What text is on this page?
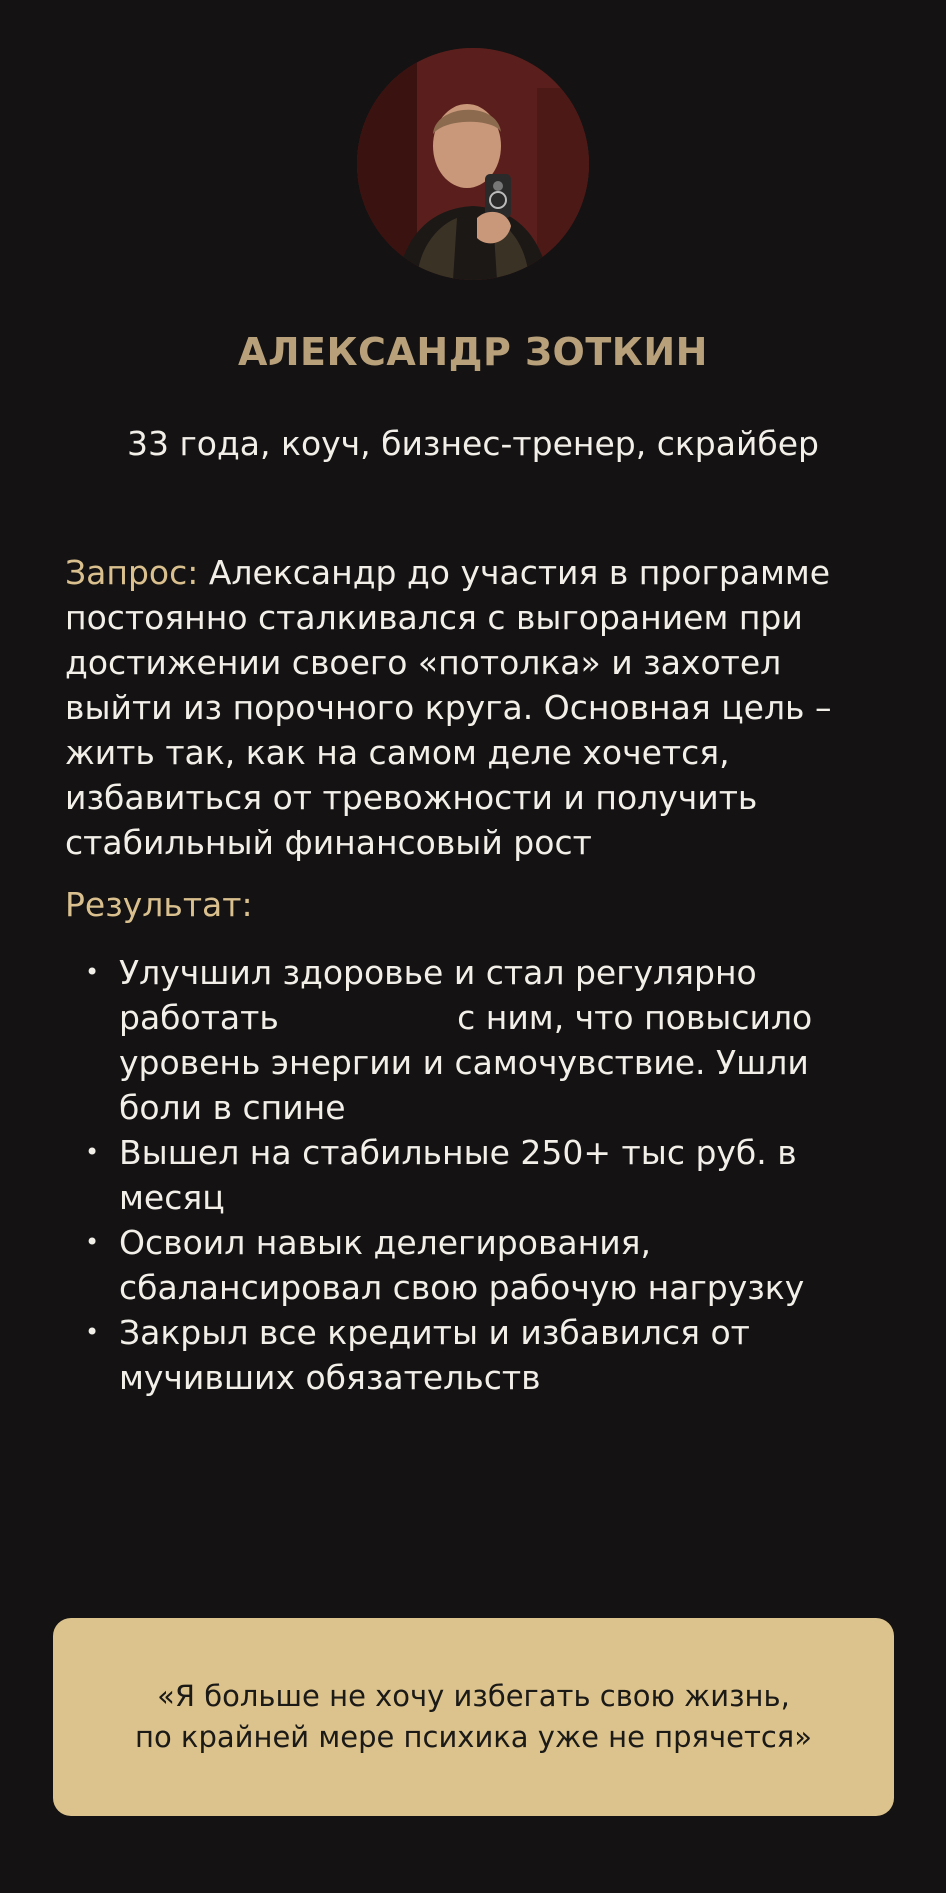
АЛЕКСАНДР ЗОТКИН
33 года, коуч, бизнес-тренер, скрайбер
Запрос: Александр до участия в программе постоянно сталкивался с выгоранием при достижении своего «потолка» и захотел выйти из порочного круга. Основная цель – жить так, как на самом деле хочется, избавиться от тревожности и получить стабильный финансовый рост
Результат:
• Улучшил здоровье и стал регулярно работать                 с ним, что повысило уровень энергии и самочувствие. Ушли боли в спине
• Вышел на стабильные 250+ тыс руб. в месяц
• Освоил навык делегирования, сбалансировал свою рабочую нагрузку
• Закрыл все кредиты и избавился от мучивших обязательств
«Я больше не хочу избегать свою жизнь,
по крайней мере психика уже не прячется»
